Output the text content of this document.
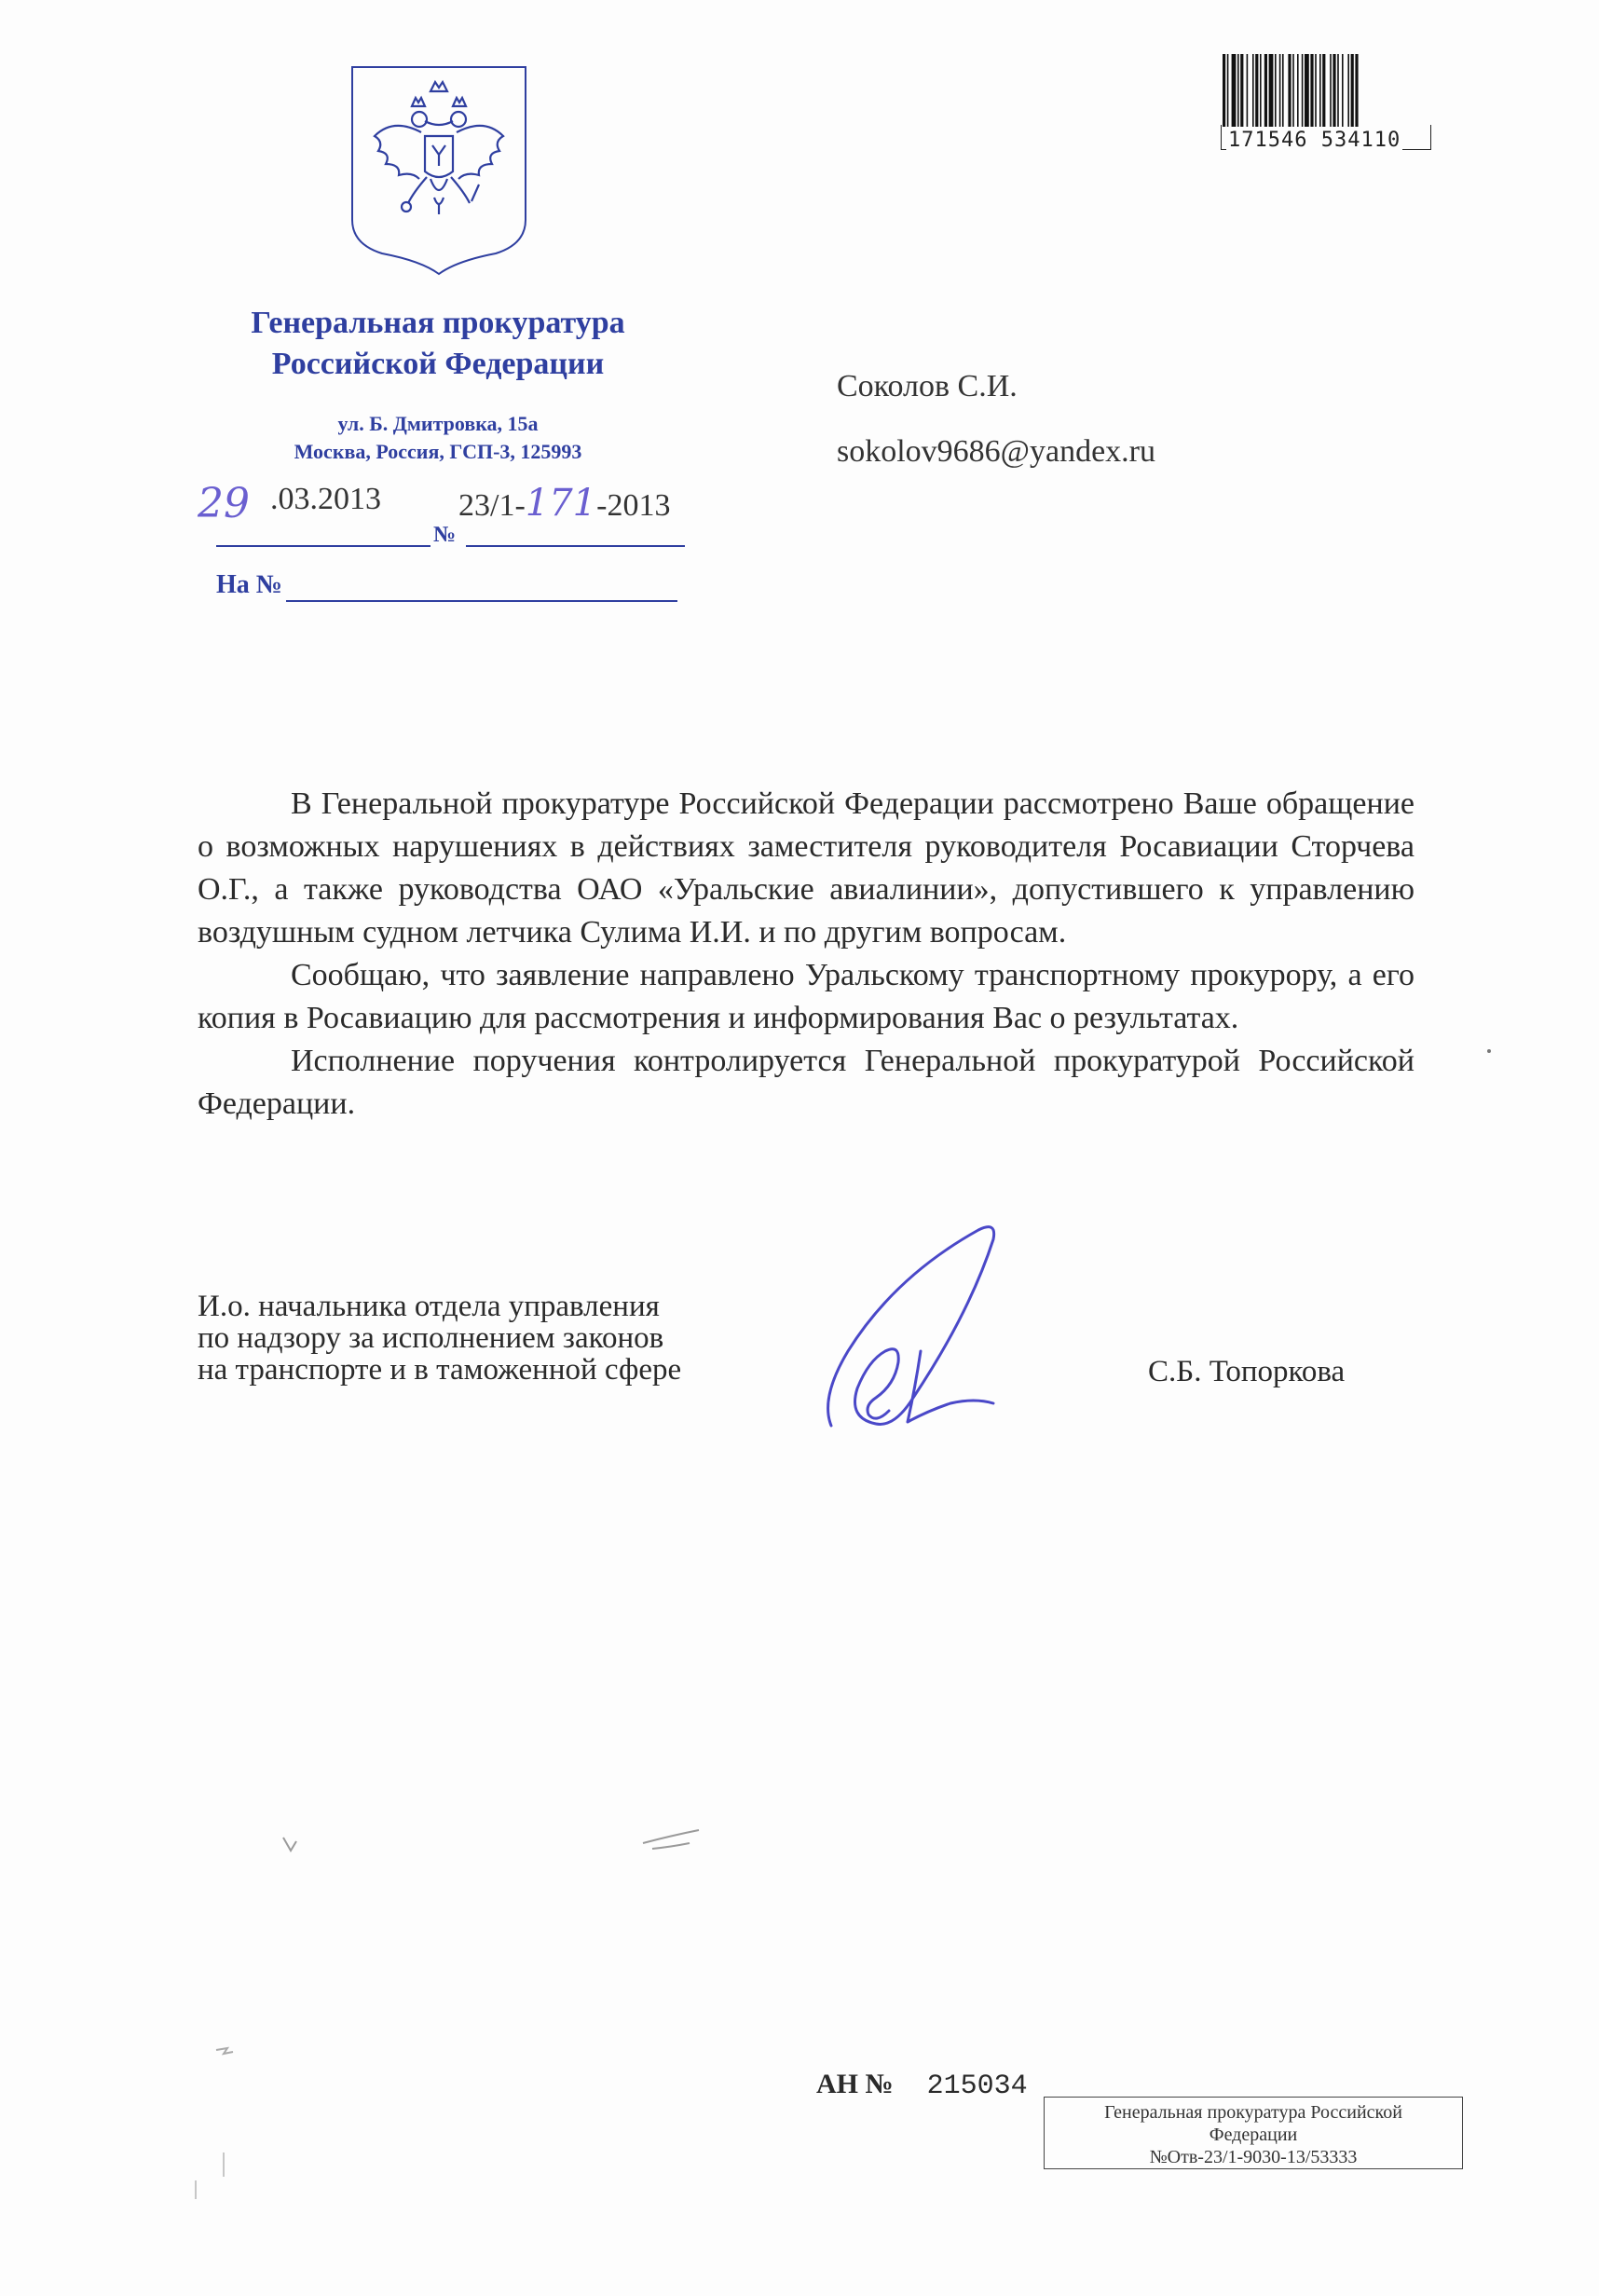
Генеральная прокуратура
Российской Федерации
ул. Б. Дмитровка, 15а
Москва, Россия, ГСП-3, 125993
29 .03.2013 23/1-171-2013
№
На №
Соколов С.И.
sokolov9686@yandex.ru
171546 534110

В Генеральной прокуратуре Российской Федерации рассмотрено Ваше обращение о возможных нарушениях в действиях заместителя руководителя Росавиации Сторчева О.Г., а также руководства ОАО «Уральские авиалинии», допустившего к управлению воздушным судном летчика Сулима И.И. и по другим вопросам.

Сообщаю, что заявление направлено Уральскому транспортному прокурору, а его копия в Росавиацию для рассмотрения и информирования Вас о результатах.

Исполнение поручения контролируется Генеральной прокуратурой Российской Федерации.

И.о. начальника отдела управления
по надзору за исполнением законов
на транспорте и в таможенной сфере	С.Б. Топоркова
АН № 215034
Генеральная прокуратура Российской
Федерации
№Отв-23/1-9030-13/53333
